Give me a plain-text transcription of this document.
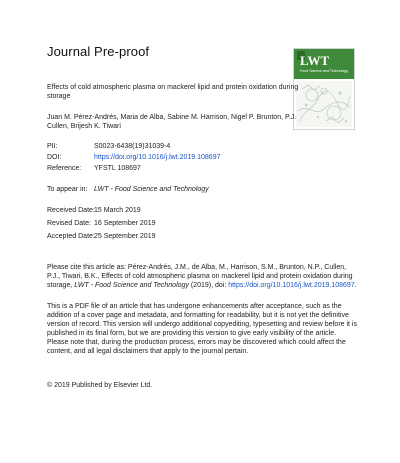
Journal Pre-proof
LWT
Food Science and Technology
Effects of cold atmospheric plasma on mackerel lipid and protein oxidation during storage
Juan M. Pérez-Andrés, Maria de Alba, Sabine M. Harrison, Nigel P. Brunton, P.J. Cullen, Brijesh K. Tiwari
PII:	S0023-6438(19)31039-4
DOI:	https://doi.org/10.1016/j.lwt.2019.108697
Reference: YFSTL 108697
To appear in: LWT - Food Science and Technology
Received Date: 15 March 2019
Revised Date: 16 September 2019
Accepted Date: 25 September 2019
Please cite this article as: Pérez-Andrés, J.M., de Alba, M., Harrison, S.M., Brunton, N.P., Cullen, P.J., Tiwari, B.K., Effects of cold atmospheric plasma on mackerel lipid and protein oxidation during storage, LWT - Food Science and Technology (2019), doi: https://doi.org/10.1016/j.lwt.2019.108697.
This is a PDF file of an article that has undergone enhancements after acceptance, such as the addition of a cover page and metadata, and formatting for readability, but it is not yet the definitive version of record. This version will undergo additional copyediting, typesetting and review before it is published in its final form, but we are providing this version to give early visibility of the article. Please note that, during the production process, errors may be discovered which could affect the content, and all legal disclaimers that apply to the journal pertain.
© 2019 Published by Elsevier Ltd.
